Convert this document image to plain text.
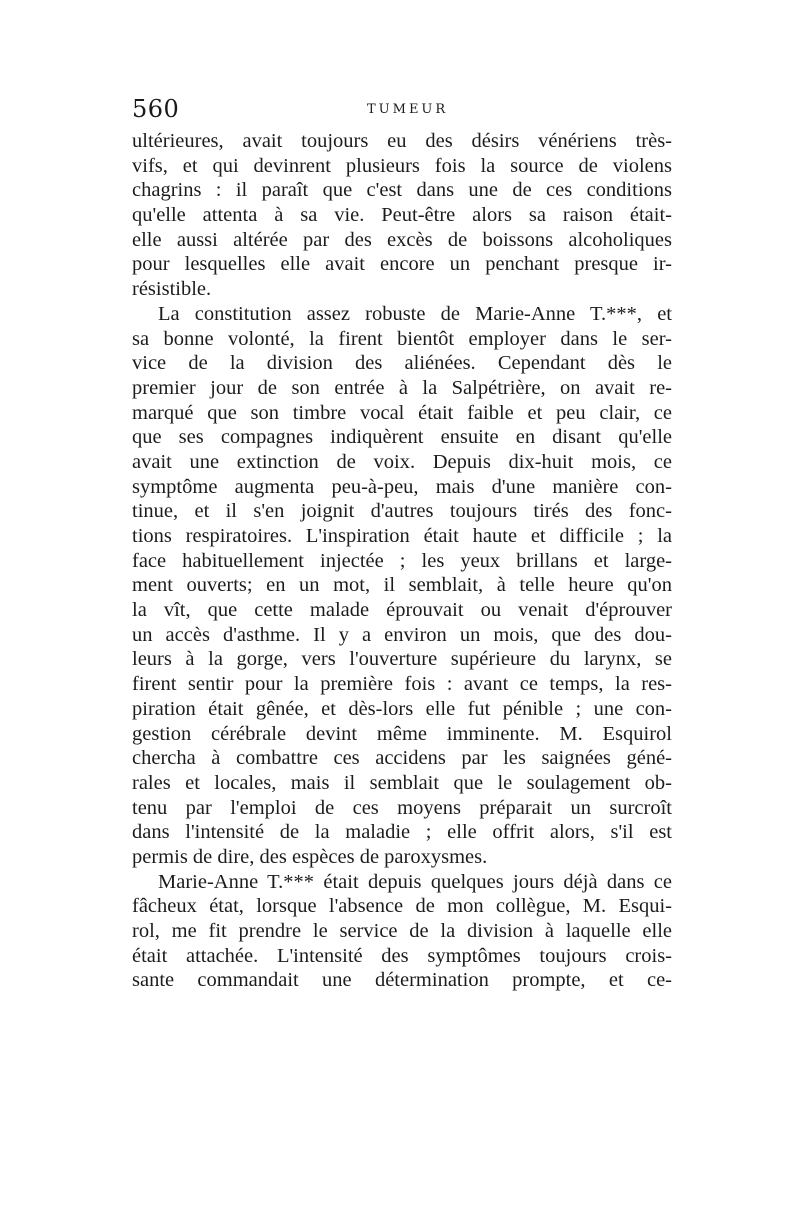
560	TUMEUR
ultérieures, avait toujours eu des désirs vénériens très-
vifs, et qui devinrent plusieurs fois la source de violens
chagrins : il paraît que c'est dans une de ces conditions
qu'elle attenta à sa vie. Peut-être alors sa raison était-
elle aussi altérée par des excès de boissons alcoholiques
pour lesquelles elle avait encore un penchant presque ir-
résistible.
La constitution assez robuste de Marie-Anne T.***, et
sa bonne volonté, la firent bientôt employer dans le ser-
vice de la division des aliénées. Cependant dès le
premier jour de son entrée à la Salpétrière, on avait re-
marqué que son timbre vocal était faible et peu clair, ce
que ses compagnes indiquèrent ensuite en disant qu'elle
avait une extinction de voix. Depuis dix-huit mois, ce
symptôme augmenta peu-à-peu, mais d'une manière con-
tinue, et il s'en joignit d'autres toujours tirés des fonc-
tions respiratoires. L'inspiration était haute et difficile ; la
face habituellement injectée ; les yeux brillans et large-
ment ouverts; en un mot, il semblait, à telle heure qu'on
la vît, que cette malade éprouvait ou venait d'éprouver
un accès d'asthme. Il y a environ un mois, que des dou-
leurs à la gorge, vers l'ouverture supérieure du larynx, se
firent sentir pour la première fois : avant ce temps, la res-
piration était gênée, et dès-lors elle fut pénible ; une con-
gestion cérébrale devint même imminente. M. Esquirol
chercha à combattre ces accidens par les saignées géné-
rales et locales, mais il semblait que le soulagement ob-
tenu par l'emploi de ces moyens préparait un surcroît
dans l'intensité de la maladie ; elle offrit alors, s'il est
permis de dire, des espèces de paroxysmes.
Marie-Anne T.*** était depuis quelques jours déjà dans ce
fâcheux état, lorsque l'absence de mon collègue, M. Esqui-
rol, me fit prendre le service de la division à laquelle elle
était attachée. L'intensité des symptômes toujours crois-
sante commandait une détermination prompte, et ce-
